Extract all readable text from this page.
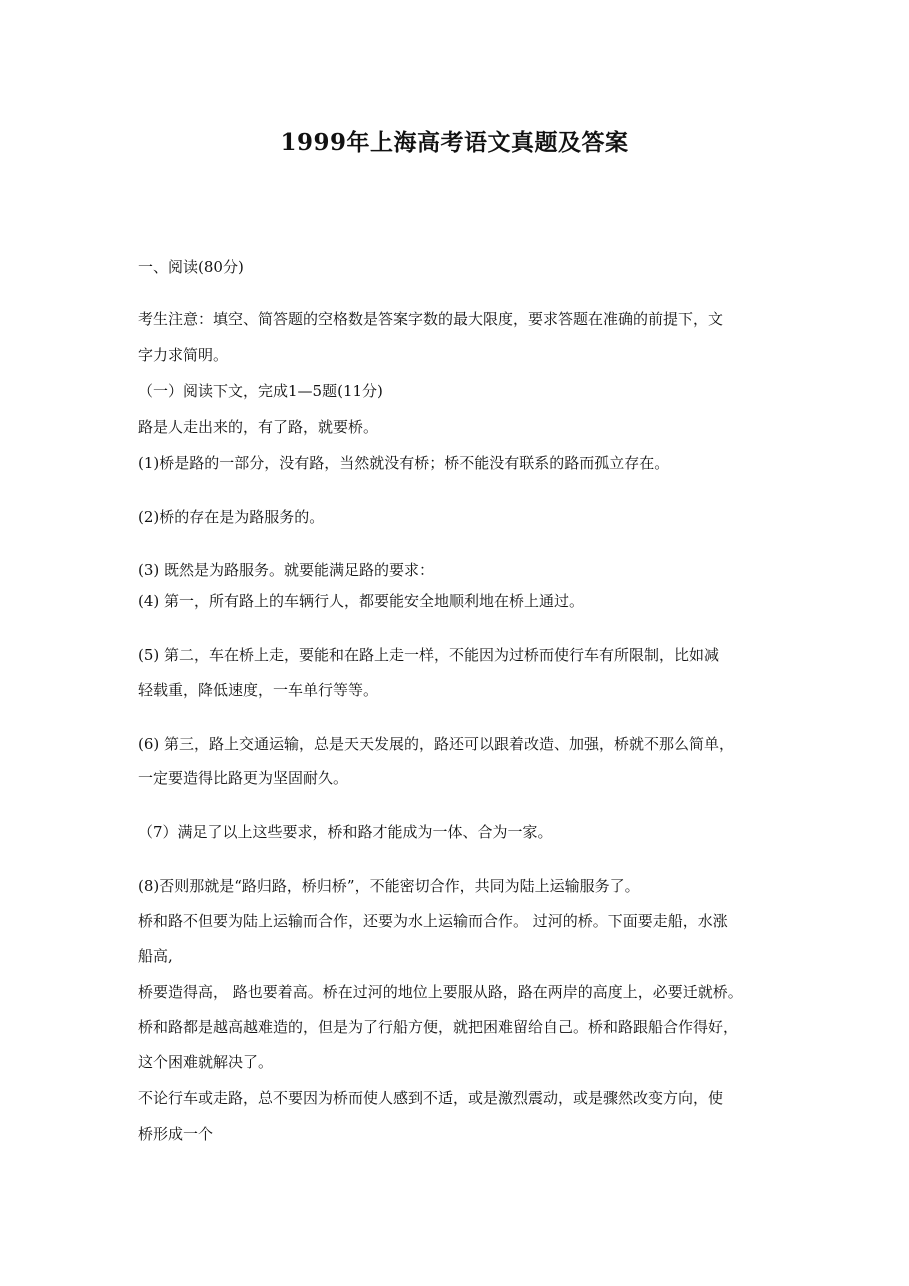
1999年上海高考语文真题及答案
一、阅读(80分)
考生注意：填空、简答题的空格数是答案字数的最大限度，要求答题在准确的前提下，文
字力求简明。
（一）阅读下文，完成1—5题(11分)
路是人走出来的，有了路，就要桥。
(1)桥是路的一部分，没有路，当然就没有桥；桥不能没有联系的路而孤立存在。
(2)桥的存在是为路服务的。
(3) 既然是为路服务。就要能满足路的要求：
(4) 第一，所有路上的车辆行人，都要能安全地顺利地在桥上通过。
(5) 第二，车在桥上走，要能和在路上走一样，不能因为过桥而使行车有所限制，比如减
轻载重，降低速度，一车单行等等。
(6) 第三，路上交通运输，总是天天发展的，路还可以跟着改造、加强，桥就不那么简单，
一定要造得比路更为坚固耐久。
（7）满足了以上这些要求，桥和路才能成为一体、合为一家。
(8)否则那就是“路归路，桥归桥”，不能密切合作，共同为陆上运输服务了。
桥和路不但要为陆上运输而合作，还要为水上运输而合作。 过河的桥。下面要走船，水涨
船高,
桥要造得高， 路也要着高。桥在过河的地位上要服从路，路在两岸的高度上，必要迁就桥。
桥和路都是越高越难造的，但是为了行船方便，就把困难留给自己。桥和路跟船合作得好，
这个困难就解决了。
不论行车或走路，总不要因为桥而使人感到不适，或是激烈震动，或是骤然改变方向，使
桥形成一个
